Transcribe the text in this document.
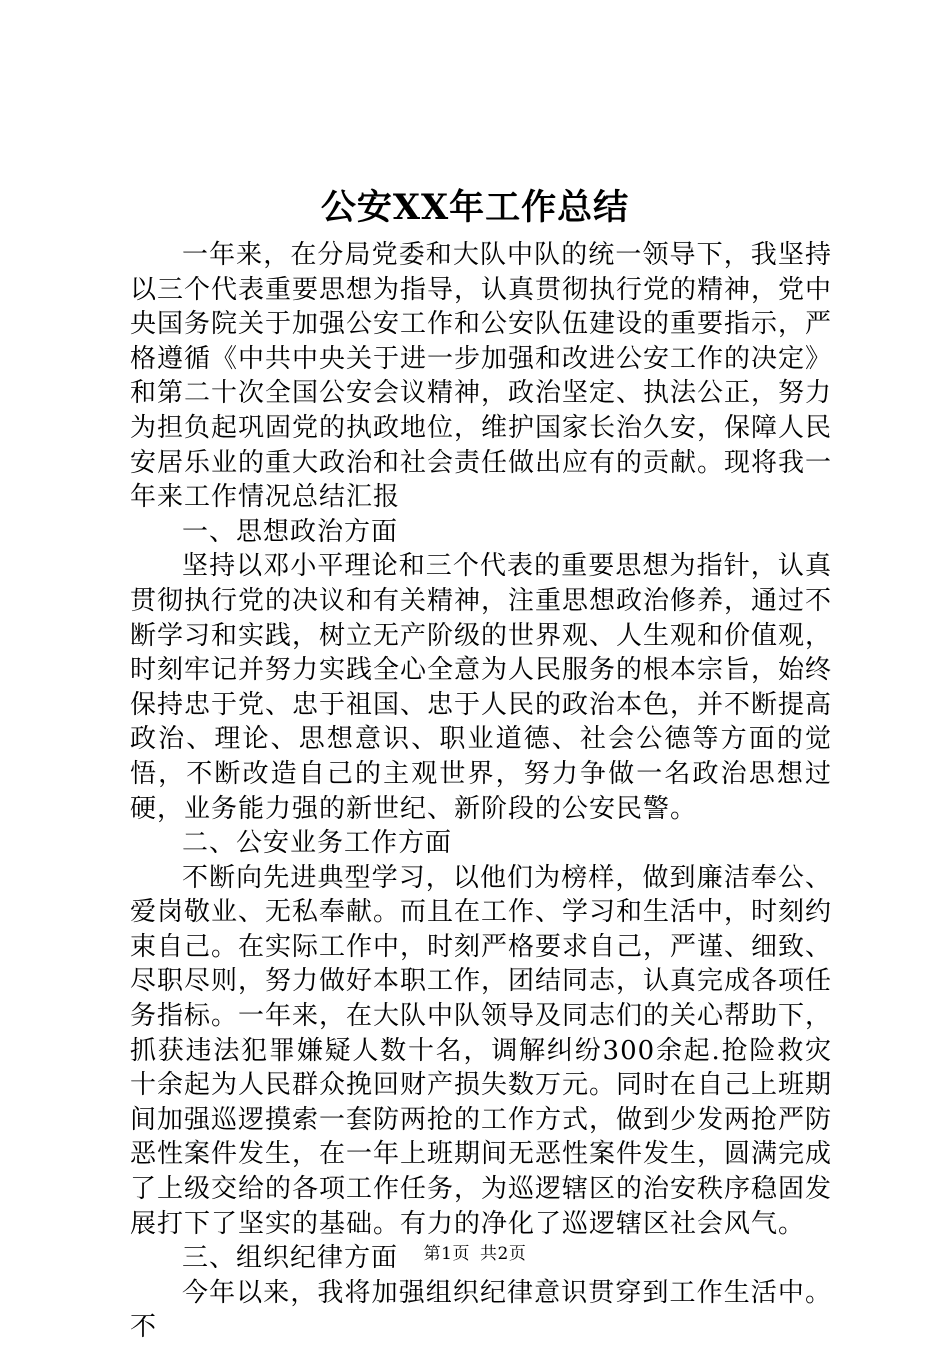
公安XX年工作总结

一年来，在分局党委和大队中队的统一领导下，我坚持以三个代表重要思想为指导，认真贯彻执行党的精神，党中央国务院关于加强公安工作和公安队伍建设的重要指示，严格遵循《中共中央关于进一步加强和改进公安工作的决定》和第二十次全国公安会议精神，政治坚定、执法公正，努力为担负起巩固党的执政地位，维护国家长治久安，保障人民安居乐业的重大政治和社会责任做出应有的贡献。现将我一年来工作情况总结汇报

一、思想政治方面

坚持以邓小平理论和三个代表的重要思想为指针，认真贯彻执行党的决议和有关精神，注重思想政治修养，通过不断学习和实践，树立无产阶级的世界观、人生观和价值观，时刻牢记并努力实践全心全意为人民服务的根本宗旨，始终保持忠于党、忠于祖国、忠于人民的政治本色，并不断提高政治、理论、思想意识、职业道德、社会公德等方面的觉悟，不断改造自己的主观世界，努力争做一名政治思想过硬，业务能力强的新世纪、新阶段的公安民警。

二、公安业务工作方面

不断向先进典型学习，以他们为榜样，做到廉洁奉公、爱岗敬业、无私奉献。而且在工作、学习和生活中，时刻约束自己。在实际工作中，时刻严格要求自己，严谨、细致、尽职尽则，努力做好本职工作，团结同志，认真完成各项任务指标。一年来，在大队中队领导及同志们的关心帮助下，抓获违法犯罪嫌疑人数十名，调解纠纷300余起.抢险救灾十余起为人民群众挽回财产损失数万元。同时在自己上班期间加强巡逻摸索一套防两抢的工作方式，做到少发两抢严防恶性案件发生，在一年上班期间无恶性案件发生，圆满完成了上级交给的各项工作任务，为巡逻辖区的治安秩序稳固发展打下了坚实的基础。有力的净化了巡逻辖区社会风气。

三、组织纪律方面

今年以来，我将加强组织纪律意识贯穿到工作生活中。不

第1页 共2页
